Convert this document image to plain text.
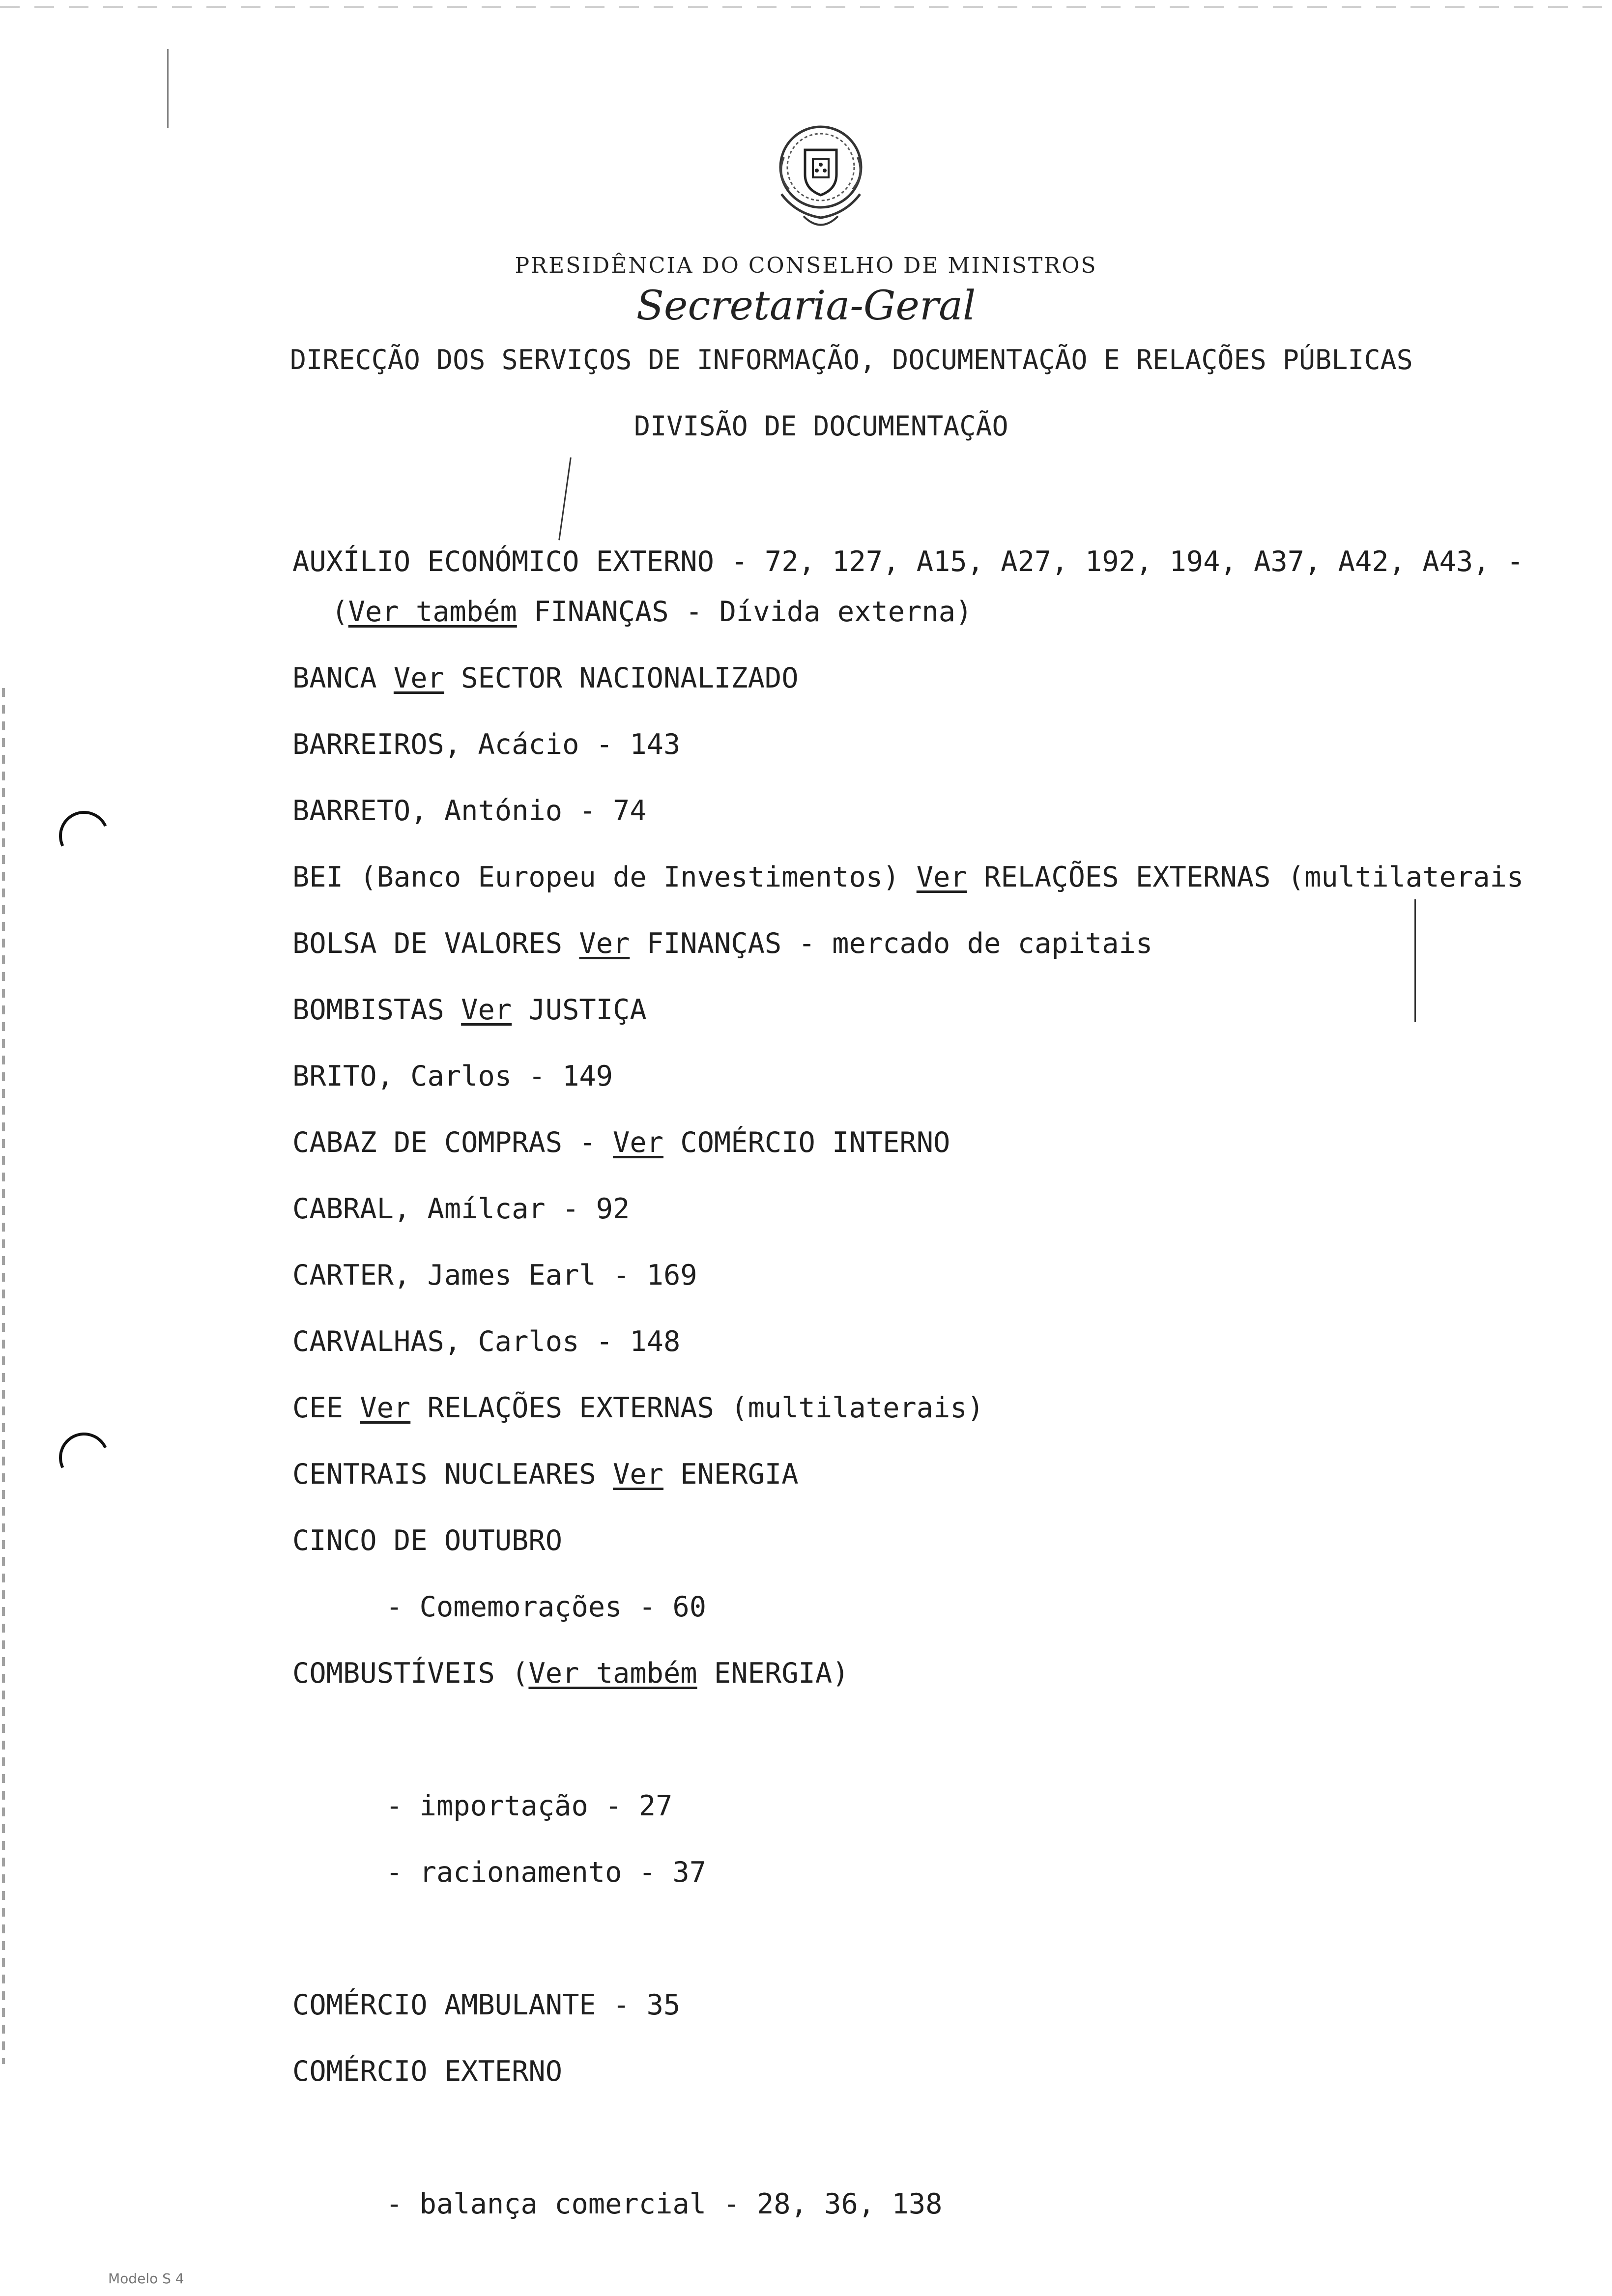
PRESIDÊNCIA DO CONSELHO DE MINISTROS
Secretaria-Geral
DIRECÇÃO DOS SERVIÇOS DE INFORMAÇÃO, DOCUMENTAÇÃO E RELAÇÕES PÚBLICAS
DIVISÃO DE DOCUMENTAÇÃO
AUXÍLIO ECONÓMICO EXTERNO - 72, 127, A15, A27, 192, 194, A37, A42, A43, -
(Ver também FINANÇAS - Dívida externa)
BANCA Ver SECTOR NACIONALIZADO
BARREIROS, Acácio - 143
BARRETO, António - 74
BEI (Banco Europeu de Investimentos) Ver RELAÇÕES EXTERNAS (multilaterais
BOLSA DE VALORES Ver FINANÇAS - mercado de capitais
BOMBISTAS Ver JUSTIÇA
BRITO, Carlos - 149
CABAZ DE COMPRAS - Ver COMÉRCIO INTERNO
CABRAL, Amílcar - 92
CARTER, James Earl - 169
CARVALHAS, Carlos - 148
CEE Ver RELAÇÕES EXTERNAS (multilaterais)
CENTRAIS NUCLEARES Ver ENERGIA
CINCO DE OUTUBRO
- Comemorações - 60
COMBUSTÍVEIS (Ver também ENERGIA)
- importação - 27
- racionamento - 37
COMÉRCIO AMBULANTE - 35
COMÉRCIO EXTERNO
- balança comercial - 28, 36, 138
Modelo S 4
